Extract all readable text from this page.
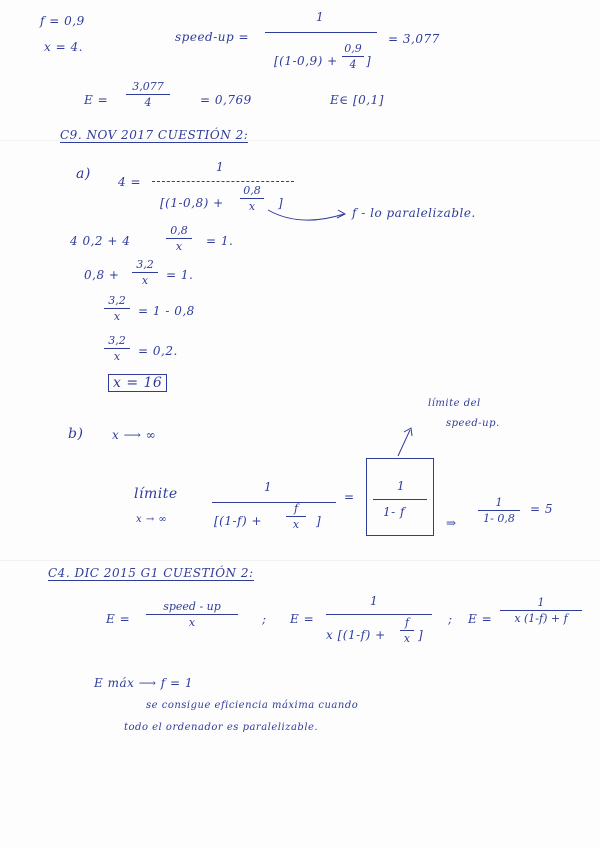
f = 0,9
x = 4.
speed-up =
1
[(1-0,9) +
0,9
4 ]
= 3,077
E =
3,077
4	= 0,769	E∈ [0,1]
C9. NOV 2017 CUESTIÓN 2:
a) 4 =
1
[(1-0,8) +
0,8
x	]
f - lo paralelizable.
4 0,2 + 4
0,8
x	= 1.
0,8 +
3,2
x	= 1.
3,2
x	= 1 - 0,8
3,2
x	= 0,2.
x = 16
b) x ⟶ ∞
límite del
speed-up.
límite
x → ∞
1
[(1-f) +
f
x	]
=
1
1- f
⇒
1
1- 0,8
= 5
C4. DIC 2015 G1 CUESTIÓN 2:
E =
speed - up
x	; E =
1
x [(1-f) +
f
x ]
; E =
1
x (1-f) + f
E máx ⟶ f = 1
se consigue eficiencia máxima cuando
todo el ordenador es paralelizable.
